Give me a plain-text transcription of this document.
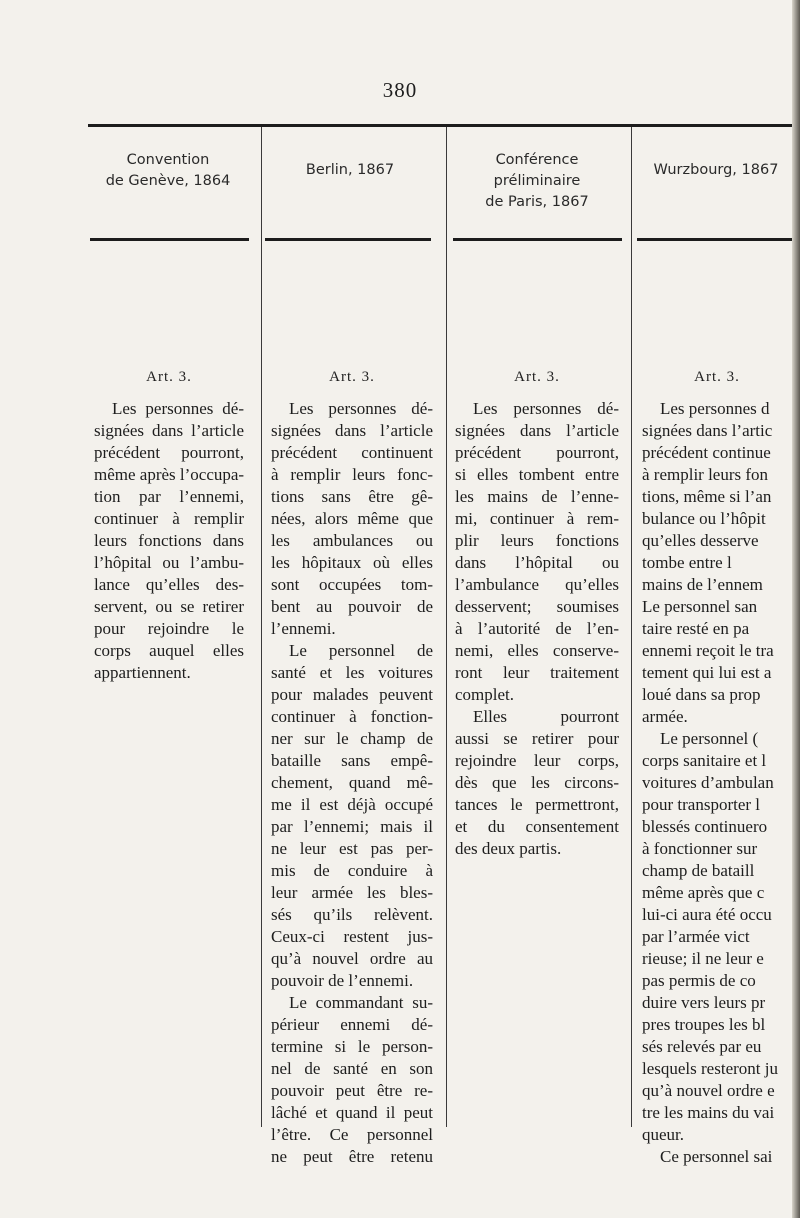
380
Convention
de Genève, 1864
Berlin, 1867
Conférence préliminaire
de Paris, 1867
Wurzbourg, 1867
Art. 3.
Les personnes dé-
signées dans l’article
précédent pourront,
même après l’occupa-
tion par l’ennemi,
continuer à remplir
leurs fonctions dans
l’hôpital ou l’ambu-
lance qu’elles des-
servent, ou se retirer
pour rejoindre le
corps auquel elles
appartiennent.
Art. 3.
Les personnes dé-
signées dans l’article
précédent continuent
à remplir leurs fonc-
tions sans être gê-
nées, alors même que
les ambulances ou
les hôpitaux où elles
sont occupées tom-
bent au pouvoir de
l’ennemi.
Le personnel de
santé et les voitures
pour malades peuvent
continuer à fonction-
ner sur le champ de
bataille sans empê-
chement, quand mê-
me il est déjà occupé
par l’ennemi; mais il
ne leur est pas per-
mis de conduire à
leur armée les bles-
sés qu’ils relèvent.
Ceux-ci restent jus-
qu’à nouvel ordre au
pouvoir de l’ennemi.
Le commandant su-
périeur ennemi dé-
termine si le person-
nel de santé en son
pouvoir peut être re-
lâché et quand il peut
l’être. Ce personnel
ne peut être retenu
Art. 3.
Les personnes dé-
signées dans l’article
précédent pourront,
si elles tombent entre
les mains de l’enne-
mi, continuer à rem-
plir leurs fonctions
dans l’hôpital ou
l’ambulance qu’elles
desservent; soumises
à l’autorité de l’en-
nemi, elles conserve-
ront leur traitement
complet.
Elles pourront
aussi se retirer pour
rejoindre leur corps,
dès que les circons-
tances le permettront,
et du consentement
des deux partis.
Art. 3.
Les personnes d
signées dans l’artic
précédent continue
à remplir leurs fon
tions, même si l’an
bulance ou l’hôpit
qu’elles desserve
tombe entre l
mains de l’ennem
Le personnel san
taire resté en pa
ennemi reçoit le tra
tement qui lui est a
loué dans sa prop
armée.
Le personnel (
corps sanitaire et l
voitures d’ambulan
pour transporter l
blessés continuero
à fonctionner sur
champ de bataill
même après que c
lui-ci aura été occu
par l’armée vict
rieuse; il ne leur e
pas permis de co
duire vers leurs pr
pres troupes les bl
sés relevés par eu
lesquels resteront ju
qu’à nouvel ordre e
tre les mains du vai
queur.
Ce personnel sai
